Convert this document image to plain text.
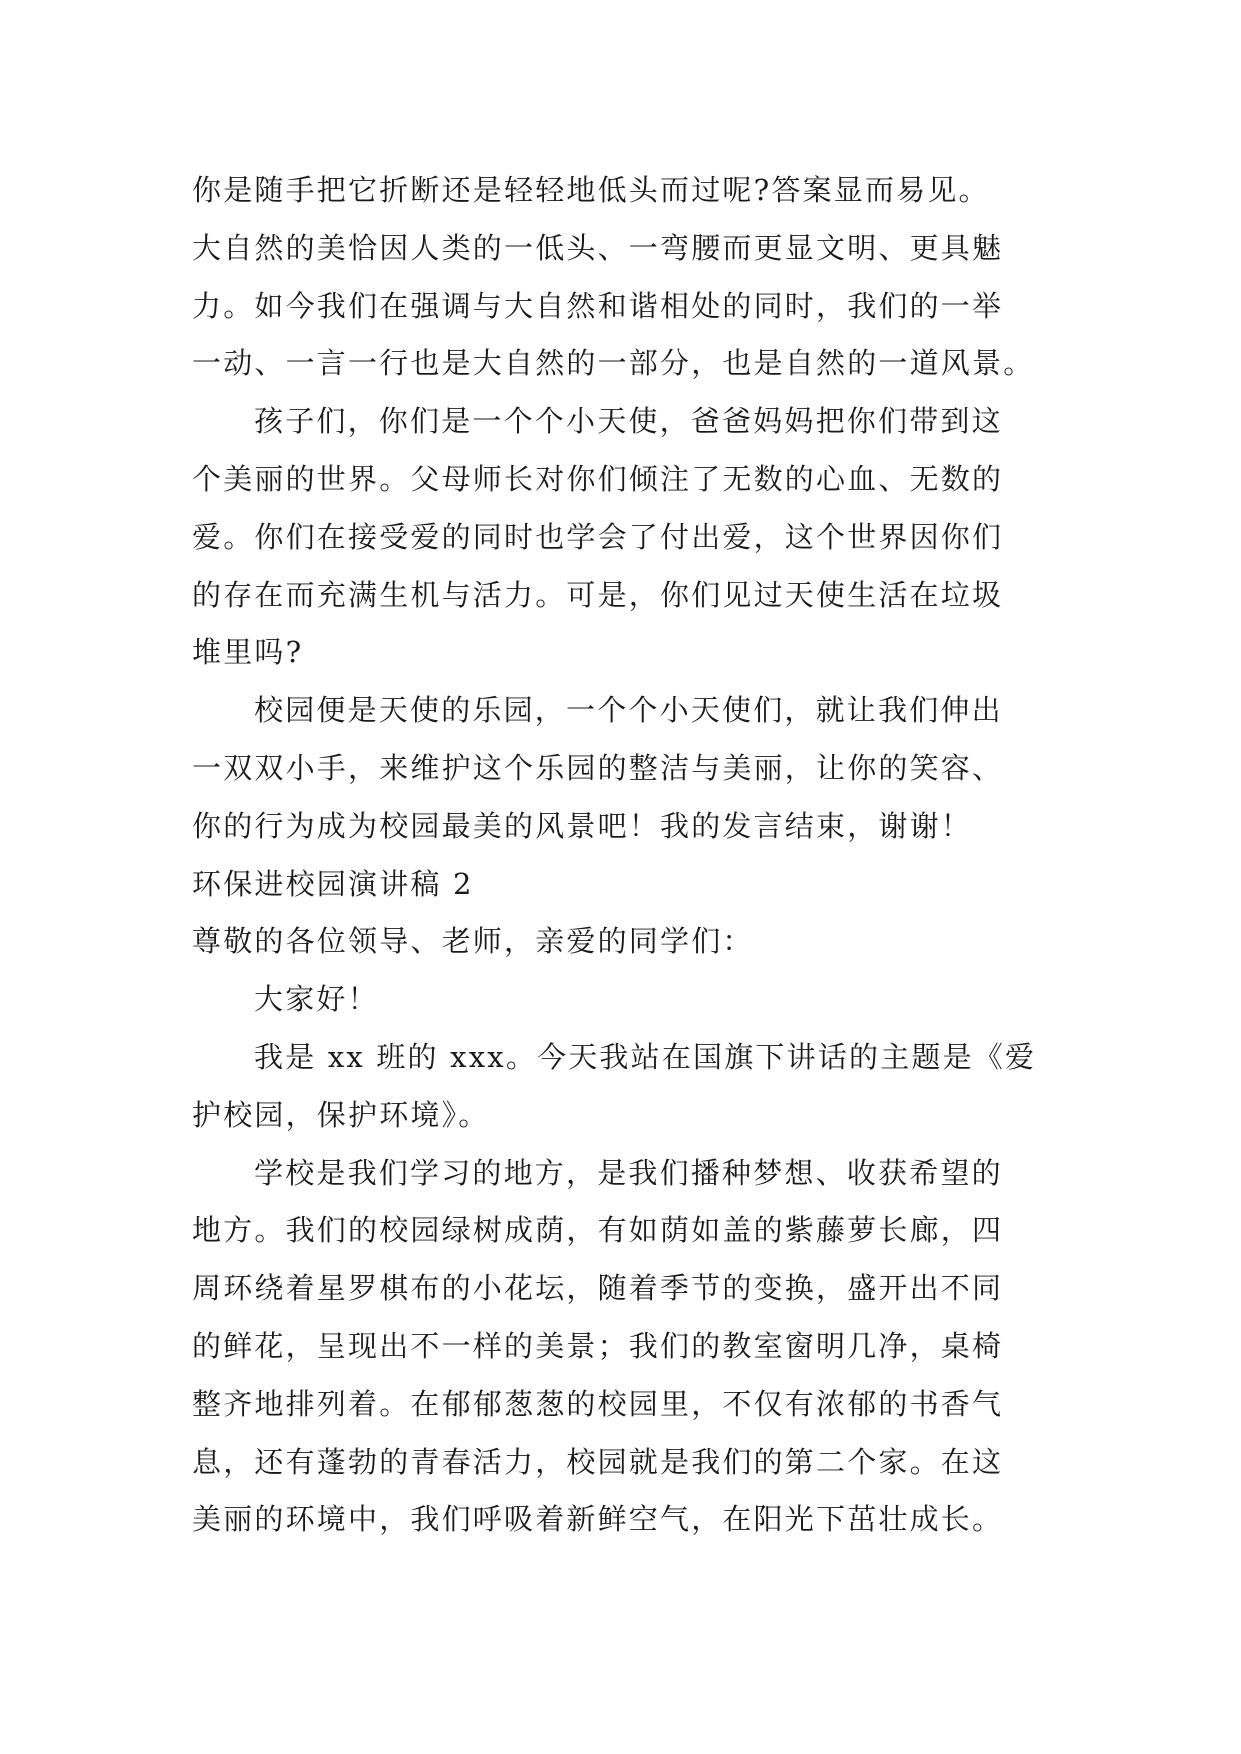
你是随手把它折断还是轻轻地低头而过呢?答案显而易见。
大自然的美恰因人类的一低头、一弯腰而更显文明、更具魅
力。如今我们在强调与大自然和谐相处的同时，我们的一举
一动、一言一行也是大自然的一部分，也是自然的一道风景。
孩子们，你们是一个个小天使，爸爸妈妈把你们带到这
个美丽的世界。父母师长对你们倾注了无数的心血、无数的
爱。你们在接受爱的同时也学会了付出爱，这个世界因你们
的存在而充满生机与活力。可是，你们见过天使生活在垃圾
堆里吗?
校园便是天使的乐园，一个个小天使们，就让我们伸出
一双双小手，来维护这个乐园的整洁与美丽，让你的笑容、
你的行为成为校园最美的风景吧！我的发言结束，谢谢！
环保进校园演讲稿 2
尊敬的各位领导、老师，亲爱的同学们：
大家好！
我是 xx 班的 xxx。今天我站在国旗下讲话的主题是《爱
护校园，保护环境》。
学校是我们学习的地方，是我们播种梦想、收获希望的
地方。我们的校园绿树成荫，有如荫如盖的紫藤萝长廊，四
周环绕着星罗棋布的小花坛，随着季节的变换，盛开出不同
的鲜花，呈现出不一样的美景；我们的教室窗明几净，桌椅
整齐地排列着。在郁郁葱葱的校园里，不仅有浓郁的书香气
息，还有蓬勃的青春活力，校园就是我们的第二个家。在这
美丽的环境中，我们呼吸着新鲜空气，在阳光下茁壮成长。
